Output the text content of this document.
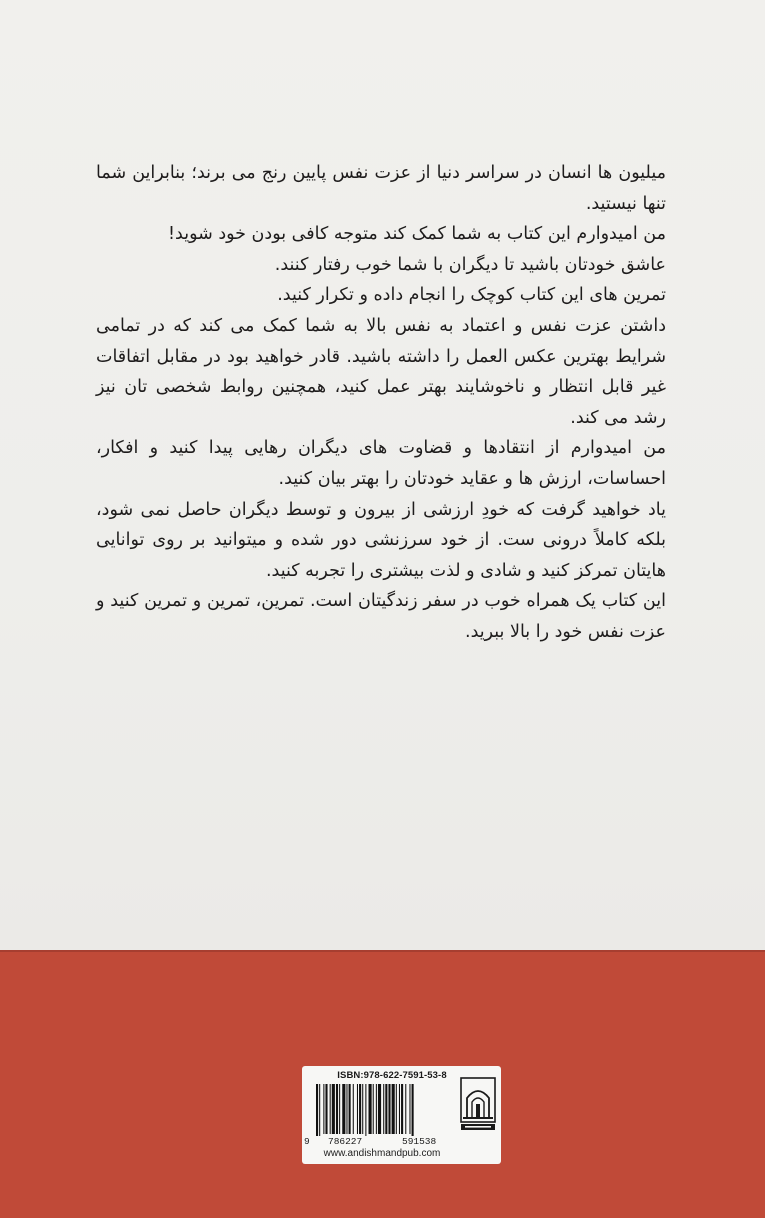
میلیون ها انسان در سراسر دنیا از عزت نفس پایین رنج می برند؛ بنابراین شما تنها نیستید.

من امیدوارم این کتاب به شما کمک کند متوجه کافی بودن خود شوید!

عاشق خودتان باشید تا دیگران با شما خوب رفتار کنند.

تمرین های این کتاب کوچک را انجام داده و تکرار کنید.

داشتن عزت نفس و اعتماد به نفس بالا به شما کمک می کند که در تمامی شرایط بهترین عکس العمل را داشته باشید. قادر خواهید بود در مقابل اتفاقات غیر قابل انتظار و ناخوشایند بهتر عمل کنید، همچنین روابط شخصی تان نیز رشد می کند.

من امیدوارم از انتقادها و قضاوت های دیگران رهایی پیدا کنید و افکار، احساسات، ارزش ها و عقاید خودتان را بهتر بیان کنید.

یاد خواهید گرفت که خودِ ارزشی از بیرون و توسط دیگران حاصل نمی شود، بلکه کاملاً درونی ست. از خود سرزنشی دور شده و میتوانید بر روی توانایی هایتان تمرکز کنید و شادی و لذت بیشتری را تجربه کنید.

این کتاب یک همراه خوب در سفر زندگیتان است. تمرین، تمرین و تمرین کنید و عزت نفس خود را بالا ببرید.

ISBN:978-622-7591-53-8
9 786227	591538
www.andishmandpub.com
